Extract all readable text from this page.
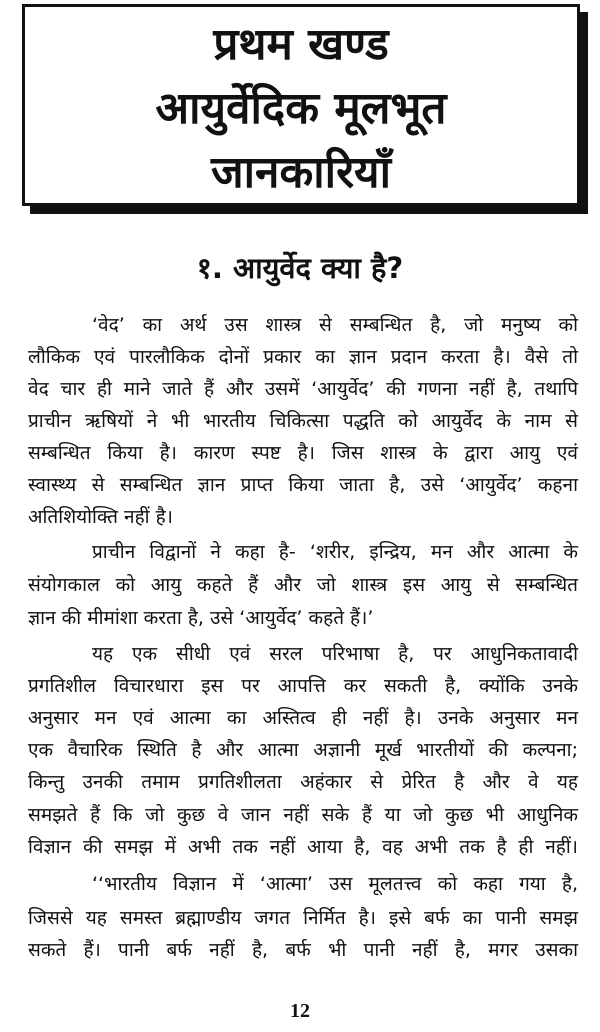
प्रथम खण्ड
आयुर्वेदिक मूलभूत
जानकारियाँ
१. आयुर्वेद क्या है?
‘वेद’ का अर्थ उस शास्त्र से सम्बन्धित है, जो मनुष्य को
लौकिक एवं पारलौकिक दोनों प्रकार का ज्ञान प्रदान करता है। वैसे तो
वेद चार ही माने जाते हैं और उसमें ‘आयुर्वेद’ की गणना नहीं है, तथापि
प्राचीन ऋषियों ने भी भारतीय चिकित्सा पद्धति को आयुर्वेद के नाम से
सम्बन्धित किया है। कारण स्पष्ट है। जिस शास्त्र के द्वारा आयु एवं
स्वास्थ्य से सम्बन्धित ज्ञान प्राप्त किया जाता है, उसे ‘आयुर्वेद’ कहना
अतिशियोक्ति नहीं है।
प्राचीन विद्वानों ने कहा है- ‘शरीर, इन्द्रिय, मन और आत्मा के
संयोगकाल को आयु कहते हैं और जो शास्त्र इस आयु से सम्बन्धित
ज्ञान की मीमांशा करता है, उसे ‘आयुर्वेद’ कहते हैं।’
यह एक सीधी एवं सरल परिभाषा है, पर आधुनिकतावादी
प्रगतिशील विचारधारा इस पर आपत्ति कर सकती है, क्योंकि उनके
अनुसार मन एवं आत्मा का अस्तित्व ही नहीं है। उनके अनुसार मन
एक वैचारिक स्थिति है और आत्मा अज्ञानी मूर्ख भारतीयों की कल्पना;
किन्तु उनकी तमाम प्रगतिशीलता अहंकार से प्रेरित है और वे यह
समझते हैं कि जो कुछ वे जान नहीं सके हैं या जो कुछ भी आधुनिक
विज्ञान की समझ में अभी तक नहीं आया है, वह अभी तक है ही नहीं।
‘‘भारतीय विज्ञान में ‘आत्मा’ उस मूलतत्त्व को कहा गया है,
जिससे यह समस्त ब्रह्माण्डीय जगत निर्मित है। इसे बर्फ का पानी समझ
सकते हैं। पानी बर्फ नहीं है, बर्फ भी पानी नहीं है, मगर उसका
12
